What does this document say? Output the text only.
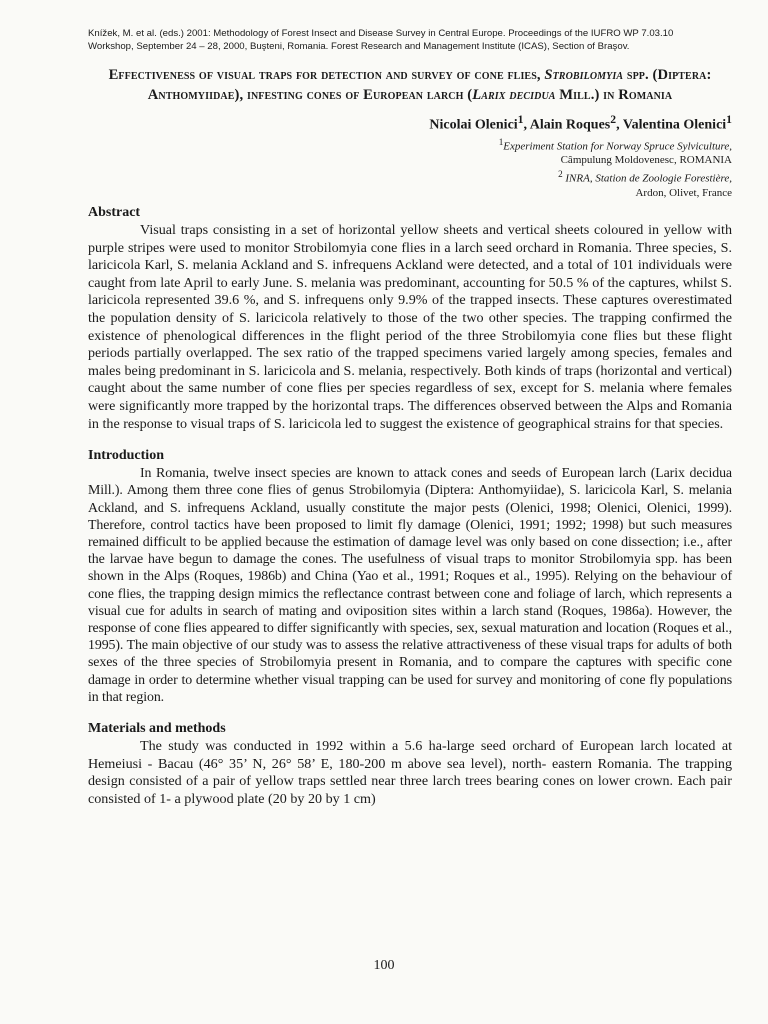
Knížek, M. et al. (eds.) 2001: Methodology of Forest Insect and Disease Survey in Central Europe. Proceedings of the IUFRO WP 7.03.10
Workshop, September 24 – 28, 2000, Buşteni, Romania. Forest Research and Management Institute (ICAS), Section of Braşov.
Effectiveness of visual traps for detection and survey of cone flies, Strobilomyia spp. (Diptera: Anthomyiidae), infesting cones of European larch (Larix decidua Mill.) in Romania
Nicolai Olenici$^1$, Alain Roques$^2$, Valentina Olenici$^1$
$^1$Experiment Station for Norway Spruce Sylviculture,
Câmpulung Moldovenesc, ROMANIA
$^2$ INRA, Station de Zoologie Forestière,
Ardon, Olivet, France
Abstract

Visual traps consisting in a set of horizontal yellow sheets and vertical sheets coloured in yellow with purple stripes were used to monitor Strobilomyia cone flies in a larch seed orchard in Romania. Three species, S. laricicola Karl, S. melania Ackland and S. infrequens Ackland were detected, and a total of 101 individuals were caught from late April to early June. S. melania was predominant, accounting for 50.5 % of the captures, whilst S. laricicola represented 39.6 %, and S. infrequens only 9.9% of the trapped insects. These captures overestimated the population density of S. laricicola relatively to those of the two other species. The trapping confirmed the existence of phenological differences in the flight period of the three Strobilomyia cone flies but these flight periods partially overlapped. The sex ratio of the trapped specimens varied largely among species, females and males being predominant in S. laricicola and S. melania, respectively. Both kinds of traps (horizontal and vertical) caught about the same number of cone flies per species regardless of sex, except for S. melania where females were significantly more trapped by the horizontal traps. The differences observed between the Alps and Romania in the response to visual traps of S. laricicola led to suggest the existence of geographical strains for that species.

Introduction

In Romania, twelve insect species are known to attack cones and seeds of European larch (Larix decidua Mill.). Among them three cone flies of genus Strobilomyia (Diptera: Anthomyiidae), S. laricicola Karl, S. melania Ackland, and S. infrequens Ackland, usually constitute the major pests (Olenici, 1998; Olenici, Olenici, 1999). Therefore, control tactics have been proposed to limit fly damage (Olenici, 1991; 1992; 1998) but such measures remained difficult to be applied because the estimation of damage level was only based on cone dissection; i.e., after the larvae have begun to damage the cones. The usefulness of visual traps to monitor Strobilomyia spp. has been shown in the Alps (Roques, 1986b) and China (Yao et al., 1991; Roques et al., 1995). Relying on the behaviour of cone flies, the trapping design mimics the reflectance contrast between cone and foliage of larch, which represents a visual cue for adults in search of mating and oviposition sites within a larch stand (Roques, 1986a). However, the response of cone flies appeared to differ significantly with species, sex, sexual maturation and location (Roques et al., 1995). The main objective of our study was to assess the relative attractiveness of these visual traps for adults of both sexes of the three species of Strobilomyia present in Romania, and to compare the captures with specific cone damage in order to determine whether visual trapping can be used for survey and monitoring of cone fly populations in that region.

Materials and methods

The study was conducted in 1992 within a 5.6 ha-large seed orchard of European larch located at Hemeiusi - Bacau (46° 35’ N, 26° 58’ E, 180-200 m above sea level), north- eastern Romania. The trapping design consisted of a pair of yellow traps settled near three larch trees bearing cones on lower crown. Each pair consisted of 1- a plywood plate (20 by 20 by 1 cm)

100
